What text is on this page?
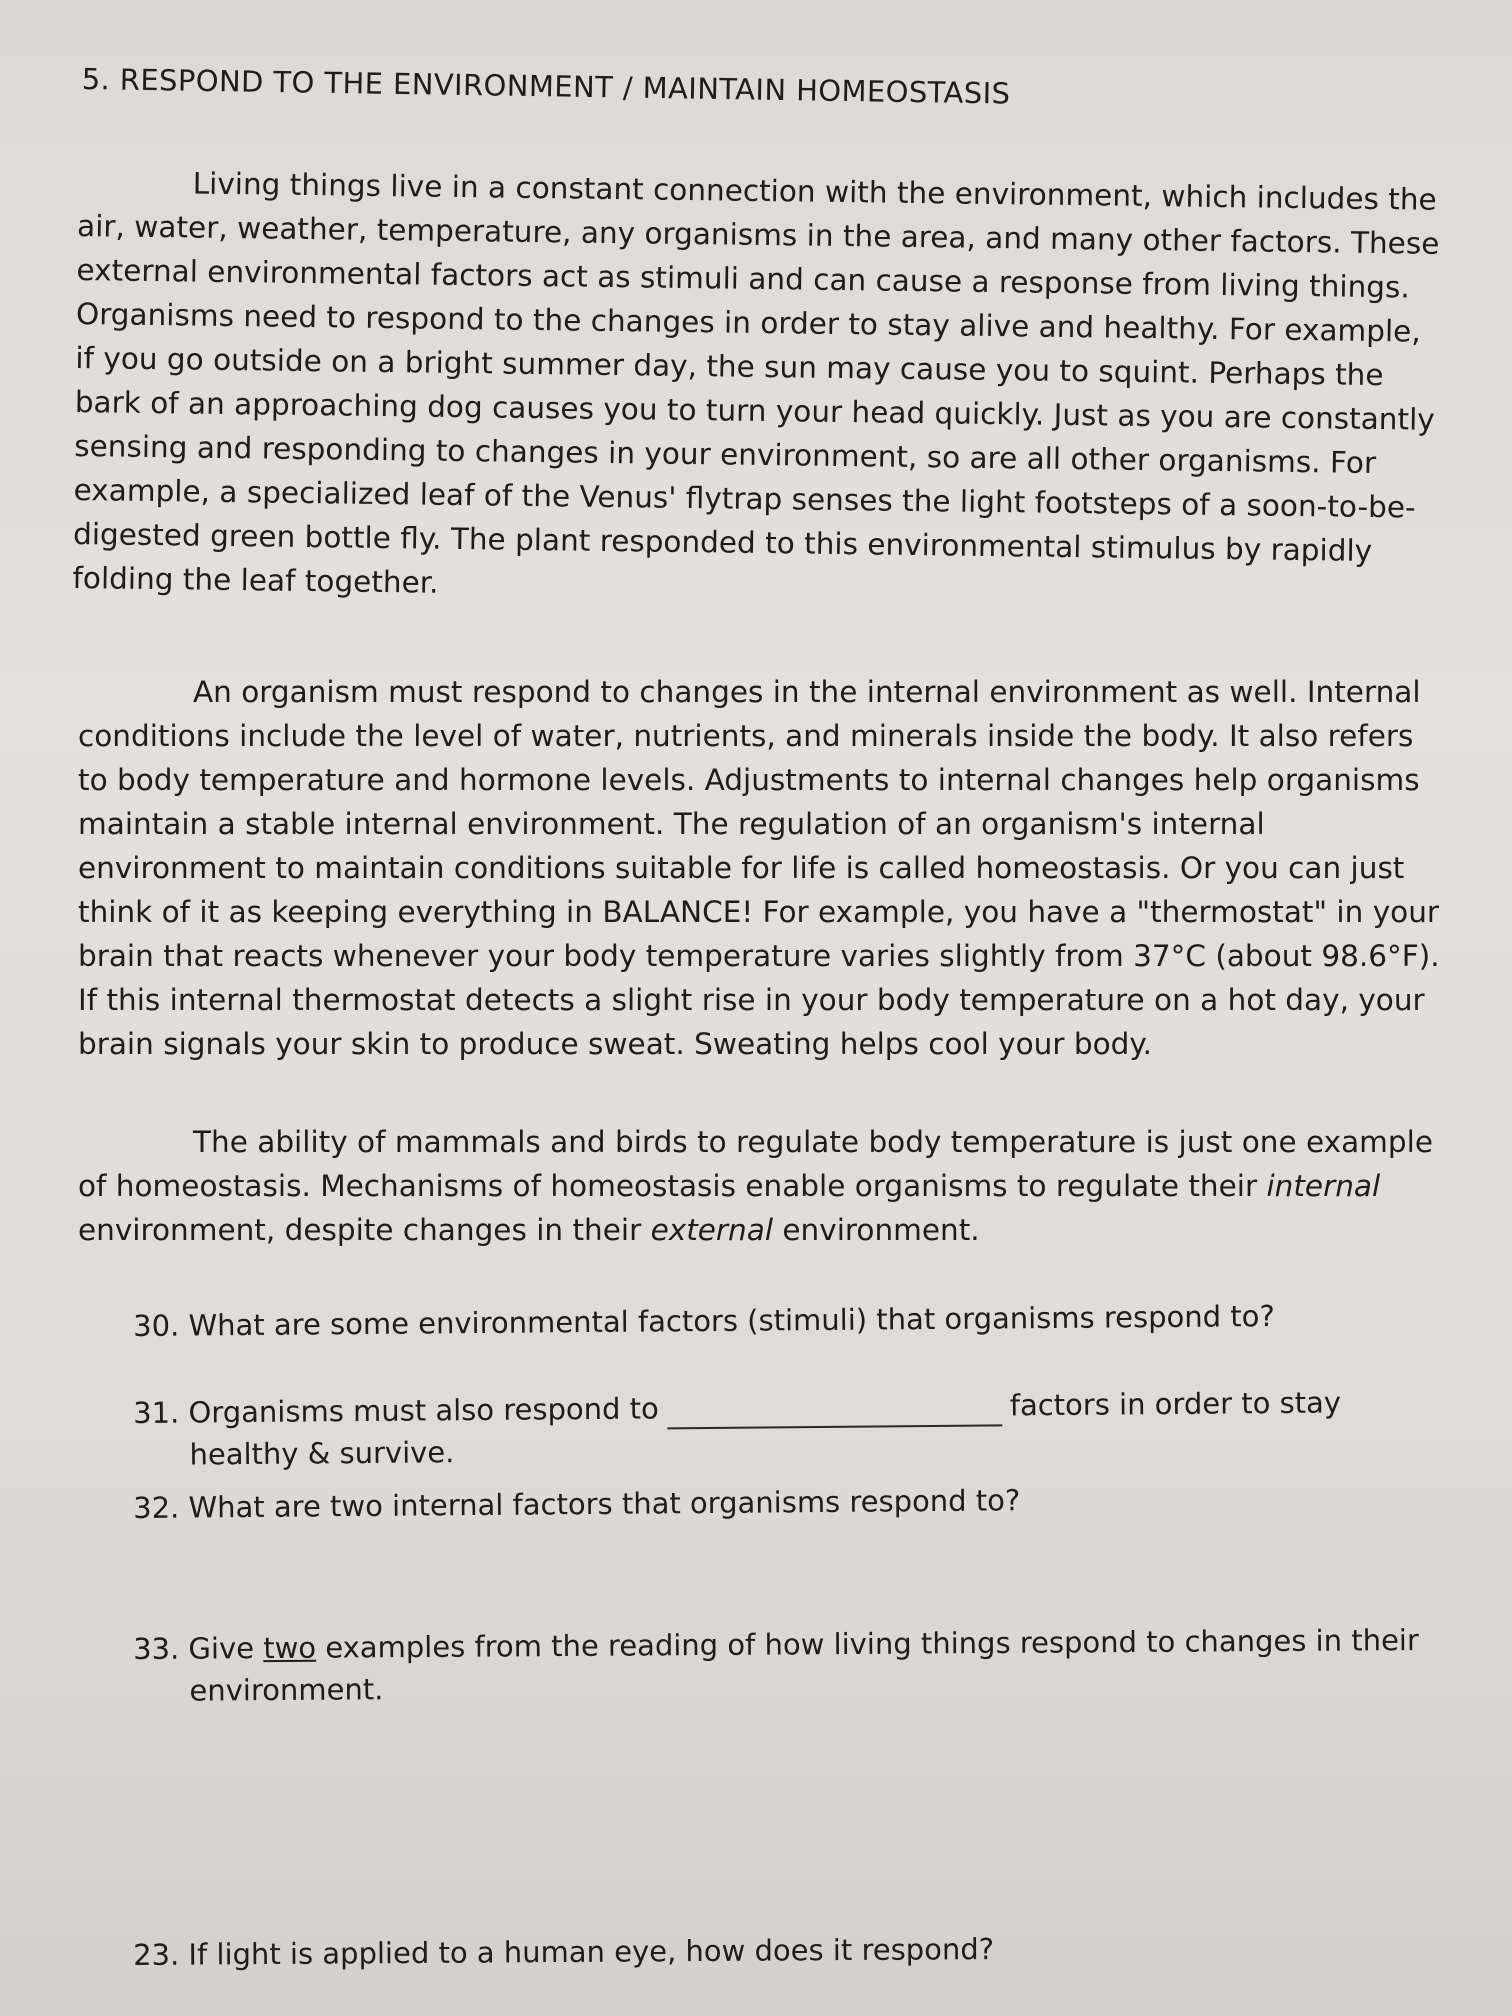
5. RESPOND TO THE ENVIRONMENT / MAINTAIN HOMEOSTASIS

Living things live in a constant connection with the environment, which includes the air, water, weather, temperature, any organisms in the area, and many other factors. These external environmental factors act as stimuli and can cause a response from living things. Organisms need to respond to the changes in order to stay alive and healthy. For example, if you go outside on a bright summer day, the sun may cause you to squint. Perhaps the bark of an approaching dog causes you to turn your head quickly. Just as you are constantly sensing and responding to changes in your environment, so are all other organisms. For example, a specialized leaf of the Venus' flytrap senses the light footsteps of a soon-to-be-digested green bottle fly. The plant responded to this environmental stimulus by rapidly folding the leaf together.

An organism must respond to changes in the internal environment as well. Internal conditions include the level of water, nutrients, and minerals inside the body. It also refers to body temperature and hormone levels. Adjustments to internal changes help organisms maintain a stable internal environment. The regulation of an organism's internal environment to maintain conditions suitable for life is called homeostasis. Or you can just think of it as keeping everything in BALANCE! For example, you have a "thermostat" in your brain that reacts whenever your body temperature varies slightly from 37°C (about 98.6°F). If this internal thermostat detects a slight rise in your body temperature on a hot day, your brain signals your skin to produce sweat. Sweating helps cool your body.

The ability of mammals and birds to regulate body temperature is just one example of homeostasis. Mechanisms of homeostasis enable organisms to regulate their internal environment, despite changes in their external environment.

30. What are some environmental factors (stimuli) that organisms respond to?
31. Organisms must also respond to	factors in order to stay
healthy & survive.
32. What are two internal factors that organisms respond to?
33. Give two examples from the reading of how living things respond to changes in their
environment.
23. If light is applied to a human eye, how does it respond?
